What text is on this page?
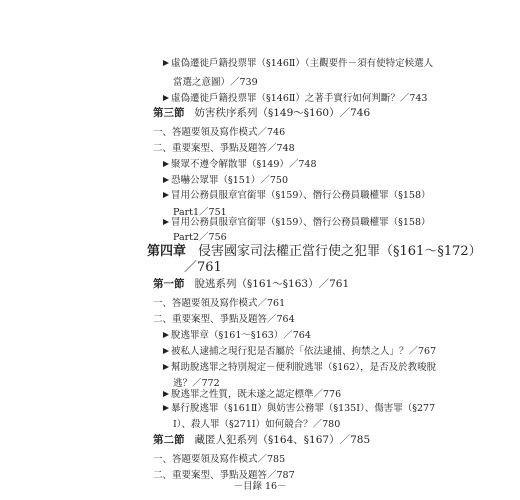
虛偽遷徙戶籍投票罪（§146Ⅱ）（主觀要件－須有使特定候選人
當選之意圖）／739
虛偽遷徙戶籍投票罪（§146Ⅱ）之著手實行如何判斷？／743
第三節 妨害秩序系列（§149～§160）／746
一、答題要領及寫作模式／746
二、重要案型、爭點及題答／748
聚眾不遵令解散罪（§149）／748
恐嚇公眾罪（§151）／750
冒用公務員服章官銜罪（§159）、僭行公務員職權罪（§158）
Part1／751
冒用公務員服章官銜罪（§159）、僭行公務員職權罪（§158）
Part2／756
第四章 侵害國家司法權正當行使之犯罪（§161～§172）
／761
第一節 脫逃系列（§161～§163）／761
一、答題要領及寫作模式／761
二、重要案型、爭點及題答／764
脫逃罪章（§161～§163）／764
被私人逮捕之現行犯是否屬於「依法逮捕、拘禁之人」？／767
幫助脫逃罪之特別規定－便利脫逃罪（§162），是否及於教唆脫
逃？／772
脫逃罪之性質，既未遂之認定標準／776
暴行脫逃罪（§161Ⅱ）與妨害公務罪（§135Ⅰ）、傷害罪（§277
Ⅰ）、殺人罪（§271Ⅰ）如何競合？／780
第二節 藏匿人犯系列（§164、§167）／785
一、答題要領及寫作模式／785
二、重要案型、爭點及題答／787
－目錄 16－
